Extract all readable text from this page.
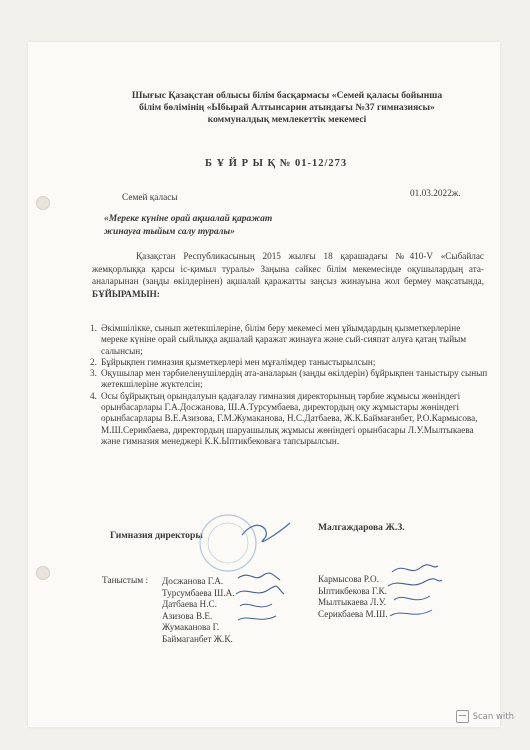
Шығыс Қазақстан облысы білім басқармасы «Семей қаласы бойынша
білім бөлімінің «Ыбырай Алтынсарин атындағы №37 гимназиясы»
коммуналдық мемлекеттік мекемесі
Б Ұ Й Р Ы Қ № 01-12/273
Семей қаласы	01.03.2022ж.
«Мереке күніне орай ақшалай қаражат
жинауға тыйым салу туралы»
Қазақстан Республикасының 2015 жылғы 18 қарашадағы №410-V «Сыбайлас жемқорлыққа қарсы іс-қимыл туралы» Заңына сәйкес білім мекемесінде оқушылардың ата-аналарынан (заңды өкілдерінен) ақшалай қаражатты заңсыз жинауына жол бермеу мақсатында, БҰЙЫРАМЫН:
1. Әкімшілікке, сынып жетекшілеріне, білім беру мекемесі мен ұйымдардың қызметкерлеріне мереке күніне орай сыйлыққа ақшалай қаражат жинауға және сый-сияпат алуға қатаң тыйым салынсын;
2. Бұйрықпен гимназия қызметкерлері мен мұғалімдер таныстырылсын;
3. Оқушылар мен тәрбиеленушілердің ата-аналарын (заңды өкілдерін) бұйрықпен таныстыру сынып жетекшілеріне жүктелсін;
4. Осы бұйрықтың орындалуын қадағалау гимназия директорының тәрбие жұмысы жөніндегі орынбасарлары Г.А.Досжанова, Ш.А.Турсумбаева, директордың оқу жұмыстары жөніндегі орынбасарлары В.Е.Азизова, Г.М.Жумаканова, Н.С.Датбаева, Ж.К.Баймағанбет, Р.О.Кармысова, М.Ш.Серикбаева, директордың шаруашылық жұмысы жөніндегі орынбасары Л.У.Мылтыкаева және гимназия менеджері К.К.Ыптикбековаға тапсырылсын.
Гимназия директоры
Малгаждарова Ж.З.
Таныстым : Досжанова Г.А.
Турсумбаева Ш.А.
Датбаева Н.С.
Азизова В.Е.
Жумаканова Г.
Баймаганбет Ж.К.
Кармысова Р.О.
Ыптикбекова Г.К.
Мылтыкаева Л.У.
Серикбаева М.Ш.
Scan with
